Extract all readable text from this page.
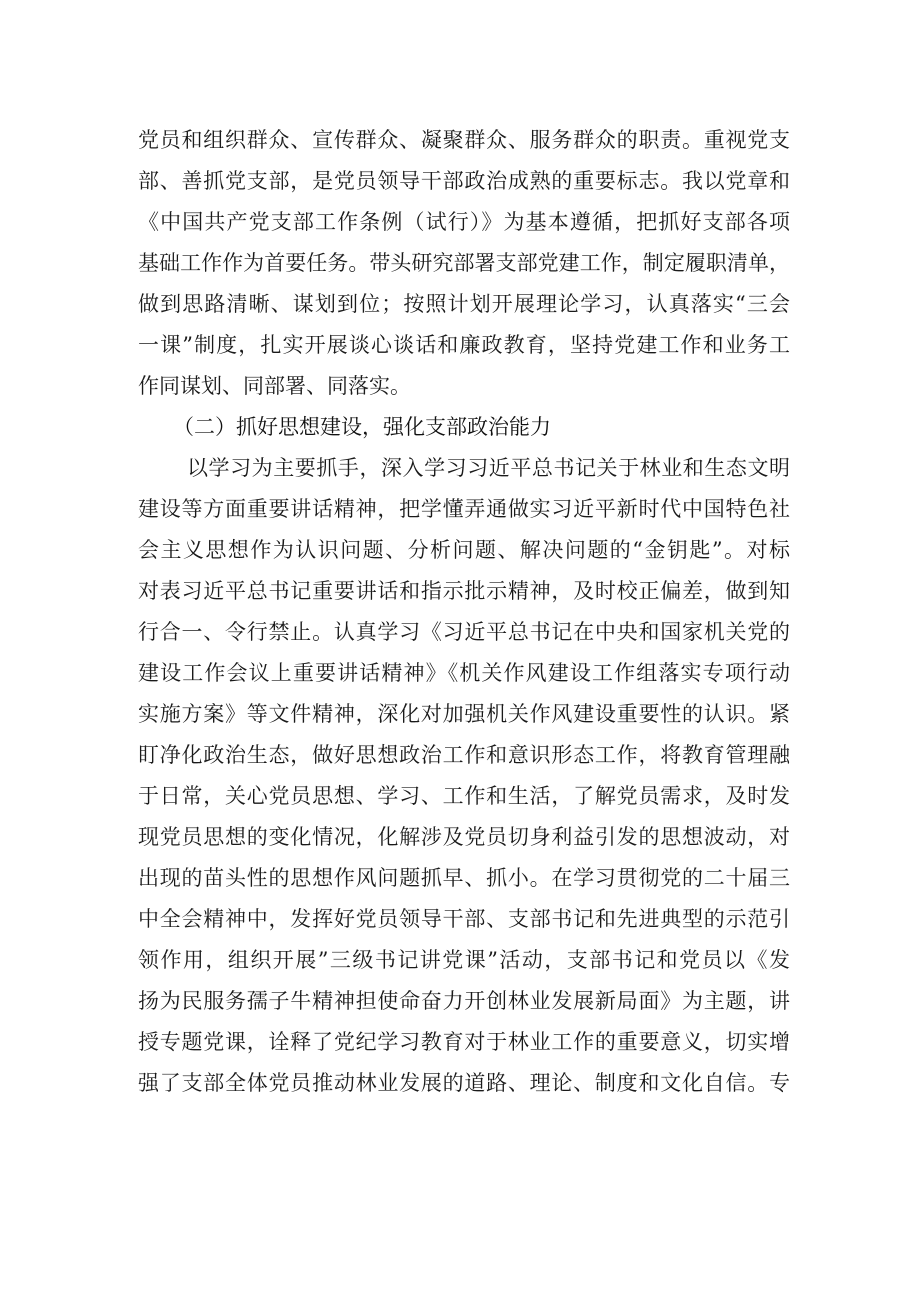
党员和组织群众、宣传群众、凝聚群众、服务群众的职责。重视党支
部、善抓党支部，是党员领导干部政治成熟的重要标志。我以党章和
《中国共产党支部工作条例（试行）》为基本遵循，把抓好支部各项
基础工作作为首要任务。带头研究部署支部党建工作，制定履职清单，
做到思路清晰、谋划到位；按照计划开展理论学习，认真落实“三会
一课”制度，扎实开展谈心谈话和廉政教育，坚持党建工作和业务工
作同谋划、同部署、同落实。
（二）抓好思想建设，强化支部政治能力
以学习为主要抓手，深入学习习近平总书记关于林业和生态文明
建设等方面重要讲话精神，把学懂弄通做实习近平新时代中国特色社
会主义思想作为认识问题、分析问题、解决问题的“金钥匙”。对标
对表习近平总书记重要讲话和指示批示精神，及时校正偏差，做到知
行合一、令行禁止。认真学习《习近平总书记在中央和国家机关党的
建设工作会议上重要讲话精神》《机关作风建设工作组落实专项行动
实施方案》等文件精神，深化对加强机关作风建设重要性的认识。紧
盯净化政治生态，做好思想政治工作和意识形态工作，将教育管理融
于日常，关心党员思想、学习、工作和生活，了解党员需求，及时发
现党员思想的变化情况，化解涉及党员切身利益引发的思想波动，对
出现的苗头性的思想作风问题抓早、抓小。在学习贯彻党的二十届三
中全会精神中，发挥好党员领导干部、支部书记和先进典型的示范引
领作用，组织开展”三级书记讲党课”活动，支部书记和党员以《发
扬为民服务孺子牛精神担使命奋力开创林业发展新局面》为主题，讲
授专题党课，诠释了党纪学习教育对于林业工作的重要意义，切实增
强了支部全体党员推动林业发展的道路、理论、制度和文化自信。专
